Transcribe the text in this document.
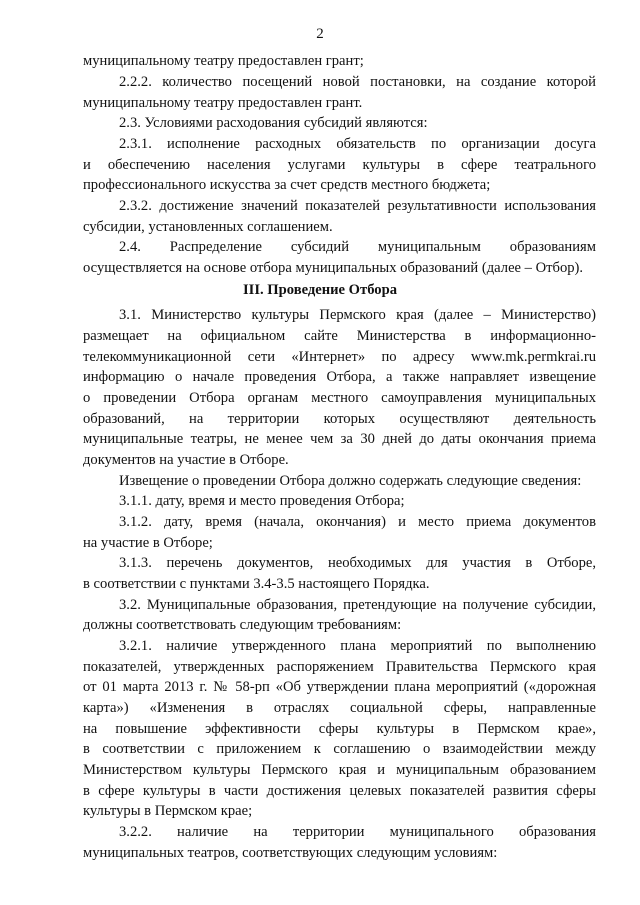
2
III. Проведение Отбора
муниципальному театру предоставлен грант;
2.2.2. количество посещений новой постановки, на создание которой
муниципальному театру предоставлен грант.
2.3. Условиями расходования субсидий являются:
2.3.1. исполнение расходных обязательств по организации досуга
и обеспечению населения услугами культуры в сфере театрального
профессионального искусства за счет средств местного бюджета;
2.3.2. достижение значений показателей результативности использования
субсидии, установленных соглашением.
2.4. Распределение субсидий муниципальным образованиям
осуществляется на основе отбора муниципальных образований (далее – Отбор).
3.1. Министерство культуры Пермского края (далее – Министерство)
размещает на официальном сайте Министерства в информационно-
телекоммуникационной сети «Интернет» по адресу www.mk.permkrai.ru
информацию о начале проведения Отбора, а также направляет извещение
о проведении Отбора органам местного самоуправления муниципальных
образований, на территории которых осуществляют деятельность
муниципальные театры, не менее чем за 30 дней до даты окончания приема
документов на участие в Отборе.
Извещение о проведении Отбора должно содержать следующие сведения:
3.1.1. дату, время и место проведения Отбора;
3.1.2. дату, время (начала, окончания) и место приема документов
на участие в Отборе;
3.1.3. перечень документов, необходимых для участия в Отборе,
в соответствии с пунктами 3.4-3.5 настоящего Порядка.
3.2. Муниципальные образования, претендующие на получение субсидии,
должны соответствовать следующим требованиям:
3.2.1. наличие утвержденного плана мероприятий по выполнению
показателей, утвержденных распоряжением Правительства Пермского края
от 01 марта 2013 г. № 58-рп «Об утверждении плана мероприятий («дорожная
карта») «Изменения в отраслях социальной сферы, направленные
на повышение эффективности сферы культуры в Пермском крае»,
в соответствии с приложением к соглашению о взаимодействии между
Министерством культуры Пермского края и муниципальным образованием
в сфере культуры в части достижения целевых показателей развития сферы
культуры в Пермском крае;
3.2.2. наличие на территории муниципального образования
муниципальных театров, соответствующих следующим условиям:
